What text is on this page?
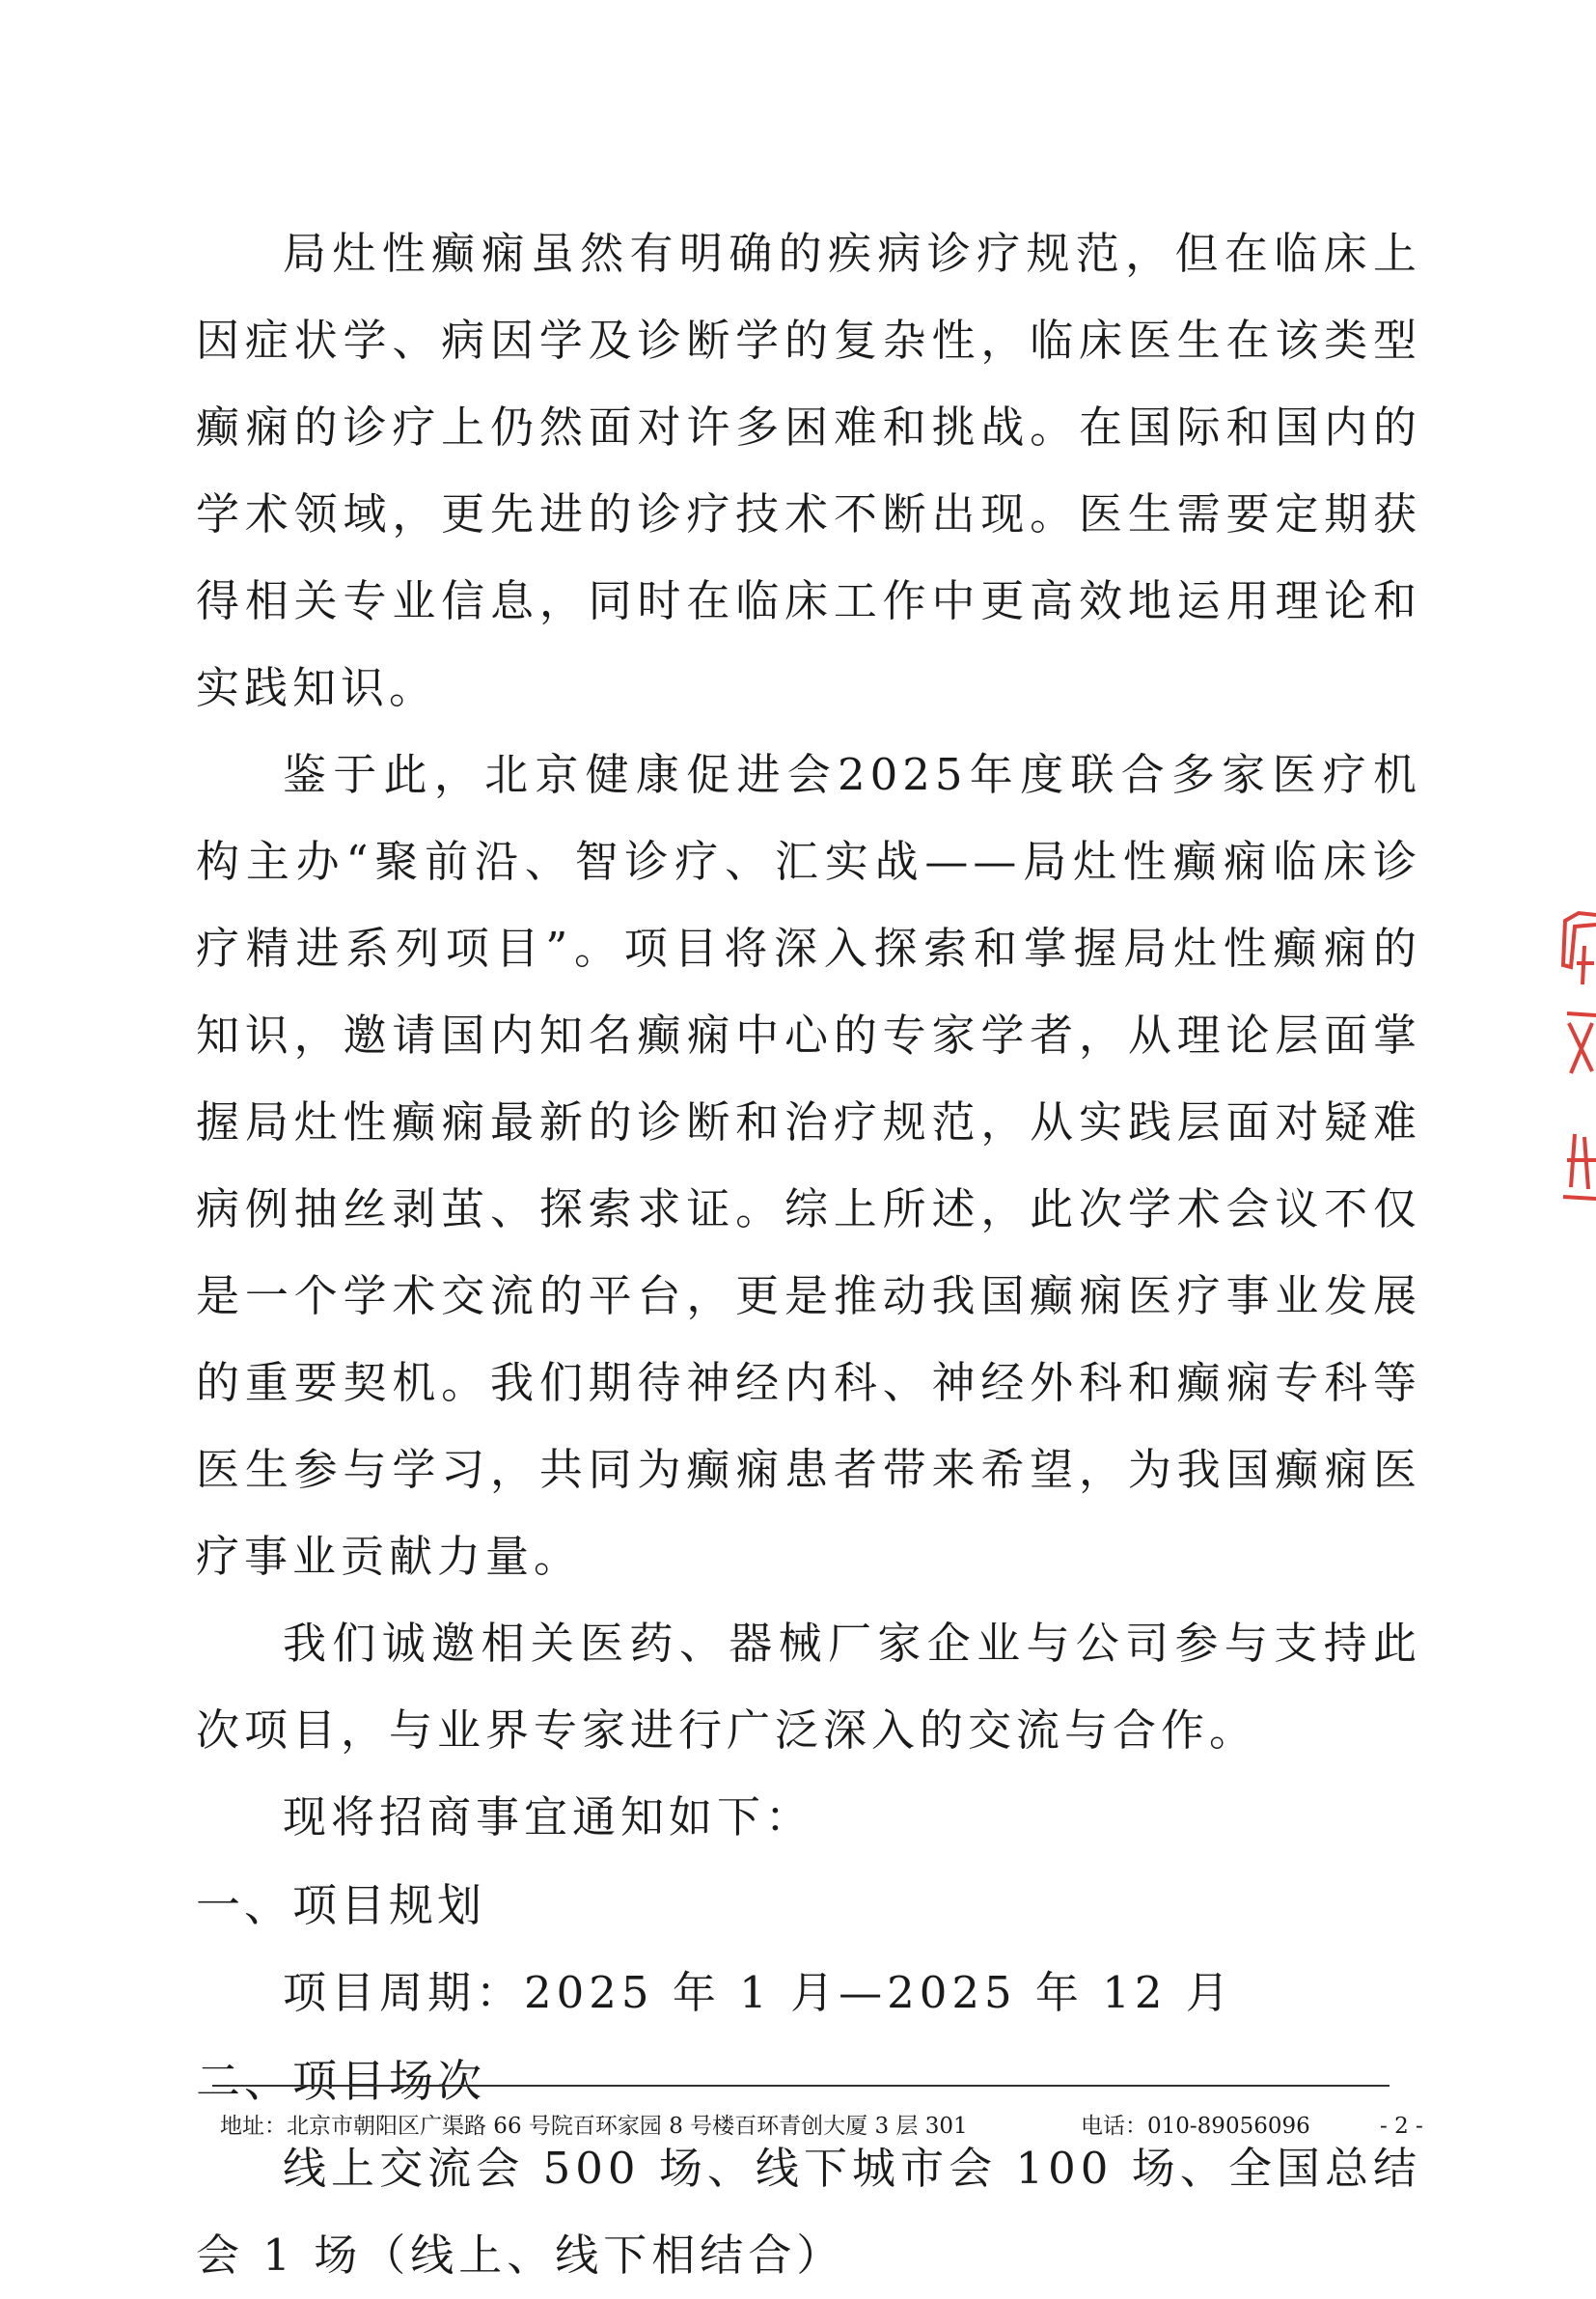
局灶性癫痫虽然有明确的疾病诊疗规范，但在临床上因症状学、病因学及诊断学的复杂性，临床医生在该类型癫痫的诊疗上仍然面对许多困难和挑战。在国际和国内的学术领域，更先进的诊疗技术不断出现。医生需要定期获得相关专业信息，同时在临床工作中更高效地运用理论和实践知识。

鉴于此，北京健康促进会2025年度联合多家医疗机构主办“聚前沿、智诊疗、汇实战——局灶性癫痫临床诊疗精进系列项目”。项目将深入探索和掌握局灶性癫痫的知识，邀请国内知名癫痫中心的专家学者，从理论层面掌握局灶性癫痫最新的诊断和治疗规范，从实践层面对疑难病例抽丝剥茧、探索求证。综上所述，此次学术会议不仅是一个学术交流的平台，更是推动我国癫痫医疗事业发展的重要契机。我们期待神经内科、神经外科和癫痫专科等医生参与学习，共同为癫痫患者带来希望，为我国癫痫医疗事业贡献力量。

我们诚邀相关医药、器械厂家企业与公司参与支持此次项目，与业界专家进行广泛深入的交流与合作。

现将招商事宜通知如下：

一、项目规划

项目周期：2025 年 1 月—2025 年 12 月

二、项目场次

线上交流会 500 场、线下城市会 100 场、全国总结会 1 场（线上、线下相结合）

地址：北京市朝阳区广渠路 66 号院百环家园 8 号楼百环青创大厦 3 层 301	电话：010-89056096	- 2 -
